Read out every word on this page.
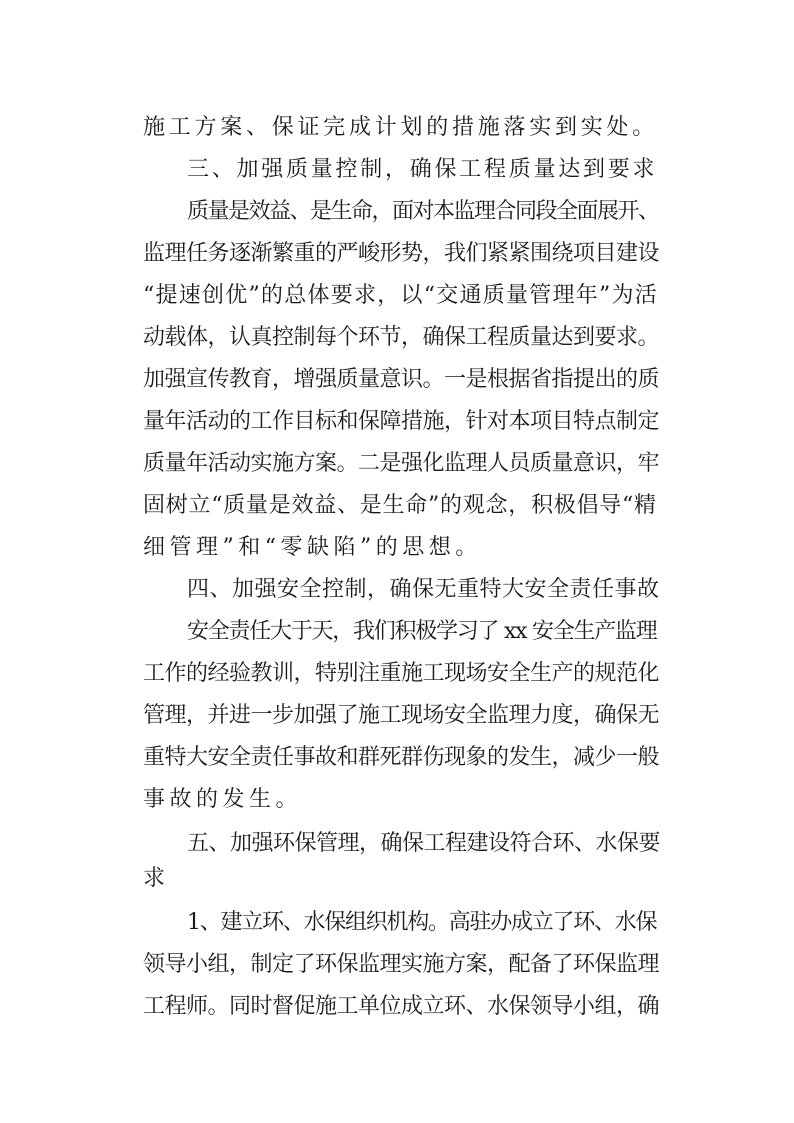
施工方案、保证完成计划的措施落实到实处。
三、加强质量控制，确保工程质量达到要求
质量是效益、是生命，面对本监理合同段全面展开、
监理任务逐渐繁重的严峻形势，我们紧紧围绕项目建设
“提速创优”的总体要求，以“交通质量管理年”为活
动载体，认真控制每个环节，确保工程质量达到要求。
加强宣传教育，增强质量意识。一是根据省指提出的质
量年活动的工作目标和保障措施，针对本项目特点制定
质量年活动实施方案。二是强化监理人员质量意识，牢
固树立“质量是效益、是生命”的观念，积极倡导“精
细管理”和“零缺陷”的思想。
四、加强安全控制，确保无重特大安全责任事故
安全责任大于天，我们积极学习了 xx 安全生产监理
工作的经验教训，特别注重施工现场安全生产的规范化
管理，并进一步加强了施工现场安全监理力度，确保无
重特大安全责任事故和群死群伤现象的发生，减少一般
事故的发生。
五、加强环保管理，确保工程建设符合环、水保要
求
1、建立环、水保组织机构。高驻办成立了环、水保
领导小组，制定了环保监理实施方案，配备了环保监理
工程师。同时督促施工单位成立环、水保领导小组，确
